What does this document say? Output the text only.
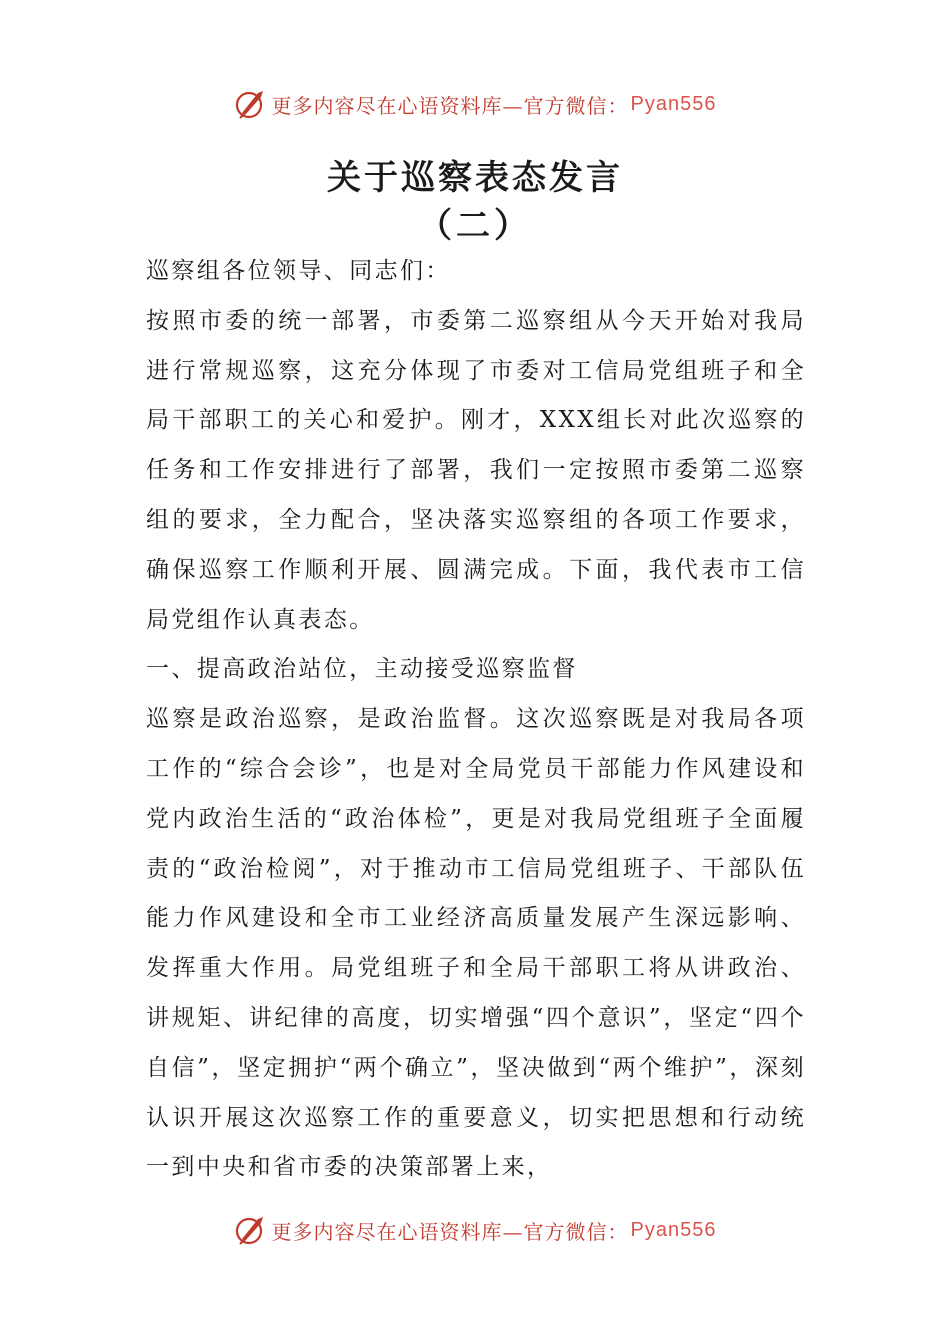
更多内容尽在心语资料库—官方微信： Pyan556
关于巡察表态发言
（二）

巡察组各位领导、同志们：

按照市委的统一部署，市委第二巡察组从今天开始对我局进行常规巡察，这充分体现了市委对工信局党组班子和全局干部职工的关心和爱护。刚才，XXX组长对此次巡察的任务和工作安排进行了部署，我们一定按照市委第二巡察组的要求，全力配合，坚决落实巡察组的各项工作要求，确保巡察工作顺利开展、圆满完成。下面，我代表市工信局党组作认真表态。

一、提高政治站位，主动接受巡察监督

巡察是政治巡察，是政治监督。这次巡察既是对我局各项工作的“综合会诊”，也是对全局党员干部能力作风建设和党内政治生活的“政治体检”，更是对我局党组班子全面履责的“政治检阅”，对于推动市工信局党组班子、干部队伍能力作风建设和全市工业经济高质量发展产生深远影响、发挥重大作用。局党组班子和全局干部职工将从讲政治、讲规矩、讲纪律的高度，切实增强“四个意识”，坚定“四个自信”，坚定拥护“两个确立”，坚决做到“两个维护”，深刻认识开展这次巡察工作的重要意义，切实把思想和行动统一到中央和省市委的决策部署上来，

更多内容尽在心语资料库—官方微信： Pyan556
